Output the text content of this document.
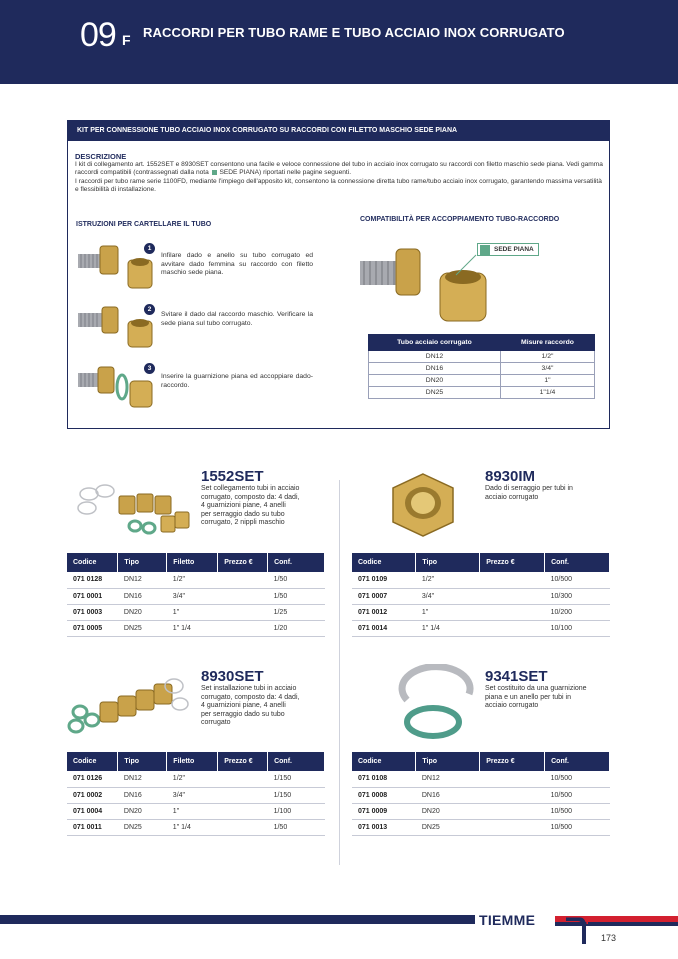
09 F RACCORDI PER TUBO RAME E TUBO ACCIAIO INOX CORRUGATO
KIT PER CONNESSIONE TUBO ACCIAIO INOX CORRUGATO SU RACCORDI CON FILETTO MASCHIO SEDE PIANA
DESCRIZIONE
I kit di collegamento art. 1552SET e 8930SET consentono una facile e veloce connessione del tubo in acciaio inox corrugato su raccordi con filetto maschio sede piana. Vedi gamma raccordi compatibili (contrassegnati dalla nota SEDE PIANA) riportati nelle pagine seguenti.
I raccordi per tubo rame serie 1100FD, mediante l'impiego dell'apposito kit, consentono la connessione diretta tubo rame/tubo acciaio inox corrugato, garantendo massima versatilità e flessibilità di installazione.
ISTRUZIONI PER CARTELLARE IL TUBO
COMPATIBILITÀ PER ACCOPPIAMENTO TUBO-RACCORDO
1
Infilare dado e anello su tubo corrugato ed avvitare dado femmina su raccordo con filetto maschio sede piana.
2
Svitare il dado dal raccordo maschio. Verificare la sede piana sul tubo corrugato.
3
Inserire la guarnizione piana ed accoppiare dado-raccordo.
SEDE PIANA
Tubo acciaio corrugato	Misure raccordo
DN12	1/2"
DN16	3/4"
DN20	1"
DN25	1"1/4
1552SET
Set collegamento tubi in acciaio
corrugato, composto da: 4 dadi,
4 guarnizioni piane, 4 anelli
per serraggio dado su tubo
corrugato, 2 nippli maschio
Codice	Tipo	Filetto	Prezzo €	Conf.
071 0128	DN12	1/2"		1/50
071 0001	DN16	3/4"		1/50
071 0003	DN20	1"		1/25
071 0005	DN25	1" 1/4		1/20
8930IM
Dado di serraggio per tubi in
acciaio corrugato
Codice	Tipo	Prezzo €	Conf.
071 0109	1/2"		10/500
071 0007	3/4"		10/300
071 0012	1"		10/200
071 0014	1" 1/4		10/100
8930SET
Set installazione tubi in acciaio
corrugato, composto da: 4 dadi,
4 guarnizioni piane, 4 anelli
per serraggio dado su tubo
corrugato
Codice	Tipo	Filetto	Prezzo €	Conf.
071 0126	DN12	1/2"		1/150
071 0002	DN16	3/4"		1/150
071 0004	DN20	1"		1/100
071 0011	DN25	1" 1/4		1/50
9341SET
Set costituito da una guarnizione
piana e un anello per tubi in
acciaio corrugato
Codice	Tipo	Prezzo €	Conf.
071 0108	DN12		10/500
071 0008	DN16		10/500
071 0009	DN20		10/500
071 0013	DN25		10/500
TIEMME
173
